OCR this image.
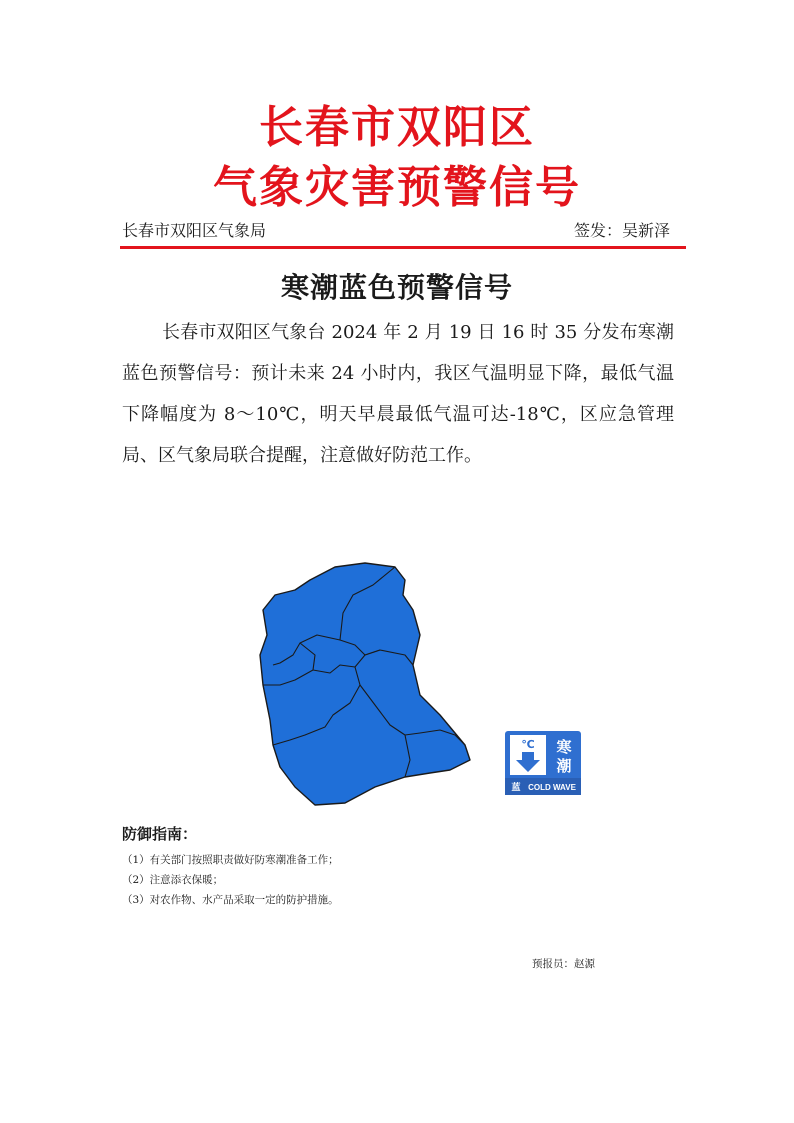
长春市双阳区
气象灾害预警信号
长春市双阳区气象局	签发：吴新泽
寒潮蓝色预警信号

长春市双阳区气象台 2024 年 2 月 19 日 16 时 35 分发布寒潮蓝色预警信号：预计未来 24 小时内，我区气温明显下降，最低气温下降幅度为 8～10℃，明天早晨最低气温可达-18℃，区应急管理局、区气象局联合提醒，注意做好防范工作。

℃ 寒
潮
蓝 COLD WAVE
防御指南：
（1）有关部门按照职责做好防寒潮准备工作；
（2）注意添衣保暖；
（3）对农作物、水产品采取一定的防护措施。
预报员：赵源
